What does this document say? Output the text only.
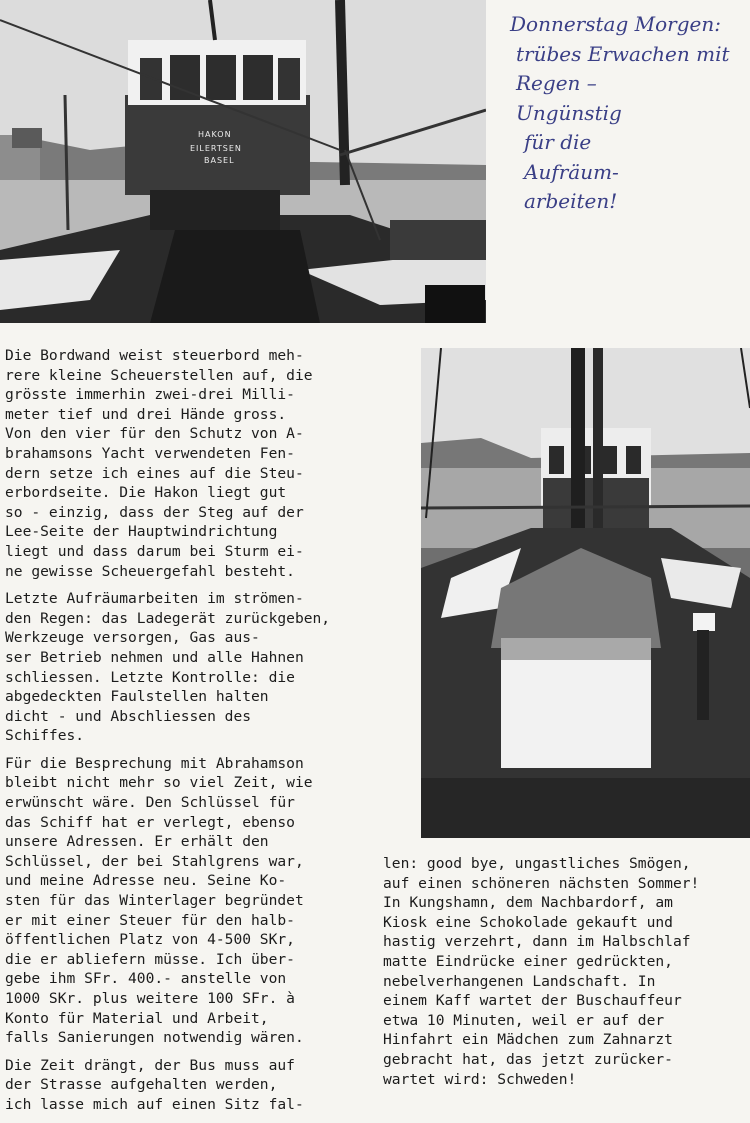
HAKON
EILERTSEN
BASEL
Donnerstag Morgen:
trübes Erwachen mit
Regen –
Ungünstig
für die
Aufräum-
arbeiten!

Die Bordwand weist steuerbord meh-
rere kleine Scheuerstellen auf, die
grösste immerhin zwei-drei Milli-
meter tief und drei Hände gross.
Von den vier für den Schutz von A-
brahamsons Yacht verwendeten Fen-
dern setze ich eines auf die Steu-
erbordseite. Die Hakon liegt gut
so - einzig, dass der Steg auf der
Lee-Seite der Hauptwindrichtung
liegt und dass darum bei Sturm ei-
ne gewisse Scheuergefahl besteht.

Letzte Aufräumarbeiten im strömen-
den Regen: das Ladegerät zurückgeben,
Werkzeuge versorgen, Gas aus-
ser Betrieb nehmen und alle Hahnen
schliessen. Letzte Kontrolle: die
abgedeckten Faulstellen halten
dicht - und Abschliessen des
Schiffes.

Für die Besprechung mit Abrahamson
bleibt nicht mehr so viel Zeit, wie
erwünscht wäre. Den Schlüssel für
das Schiff hat er verlegt, ebenso
unsere Adressen. Er erhält den
Schlüssel, der bei Stahlgrens war,
und meine Adresse neu. Seine Ko-
sten für das Winterlager begründet
er mit einer Steuer für den halb-
öffentlichen Platz von 4-500 SKr,
die er abliefern müsse. Ich über-
gebe ihm SFr. 400.- anstelle von
1000 SKr. plus weitere 100 SFr. à
Konto für Material und Arbeit,
falls Sanierungen notwendig wären.

Die Zeit drängt, der Bus muss auf
der Strasse aufgehalten werden,
ich lasse mich auf einen Sitz fal-

len: good bye, ungastliches Smögen,
auf einen schöneren nächsten Sommer!
In Kungshamn, dem Nachbardorf, am
Kiosk eine Schokolade gekauft und
hastig verzehrt, dann im Halbschlaf
matte Eindrücke einer gedrückten,
nebelverhangenen Landschaft. In
einem Kaff wartet der Buschauffeur
etwa 10 Minuten, weil er auf der
Hinfahrt ein Mädchen zum Zahnarzt
gebracht hat, das jetzt zurücker-
wartet wird: Schweden!
